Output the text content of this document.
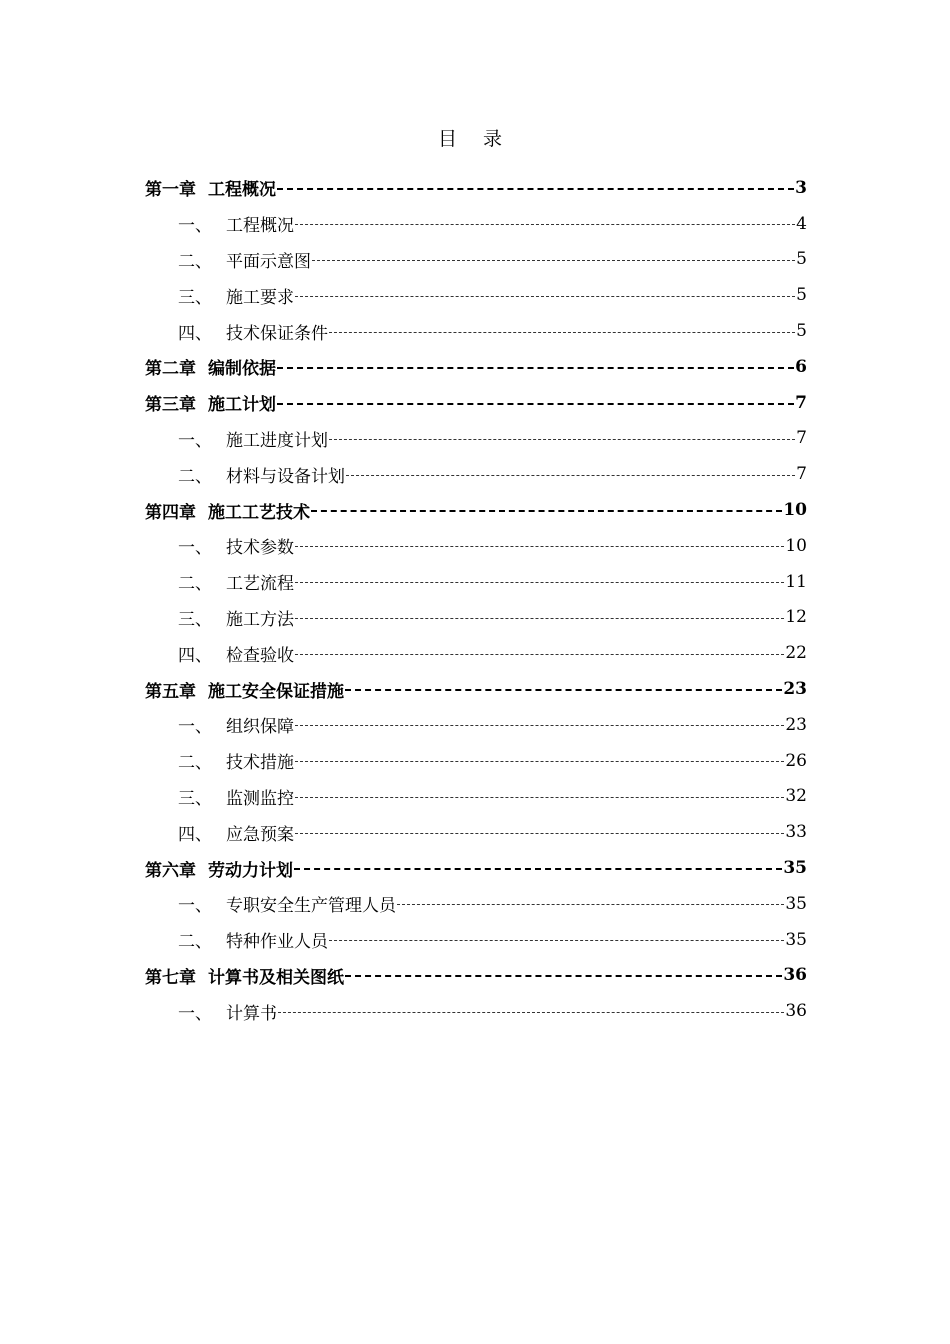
目 录
第一章 工程概况	3
一、 工程概况	4
二、 平面示意图	5
三、 施工要求	5
四、 技术保证条件	5
第二章 编制依据	6
第三章 施工计划	7
一、 施工进度计划	7
二、 材料与设备计划	7
第四章 施工工艺技术	10
一、 技术参数	10
二、 工艺流程	11
三、 施工方法	12
四、 检查验收	22
第五章 施工安全保证措施	23
一、 组织保障	23
二、 技术措施	26
三、 监测监控	32
四、 应急预案	33
第六章 劳动力计划	35
一、 专职安全生产管理人员	35
二、 特种作业人员	35
第七章 计算书及相关图纸	36
一、 计算书	36
